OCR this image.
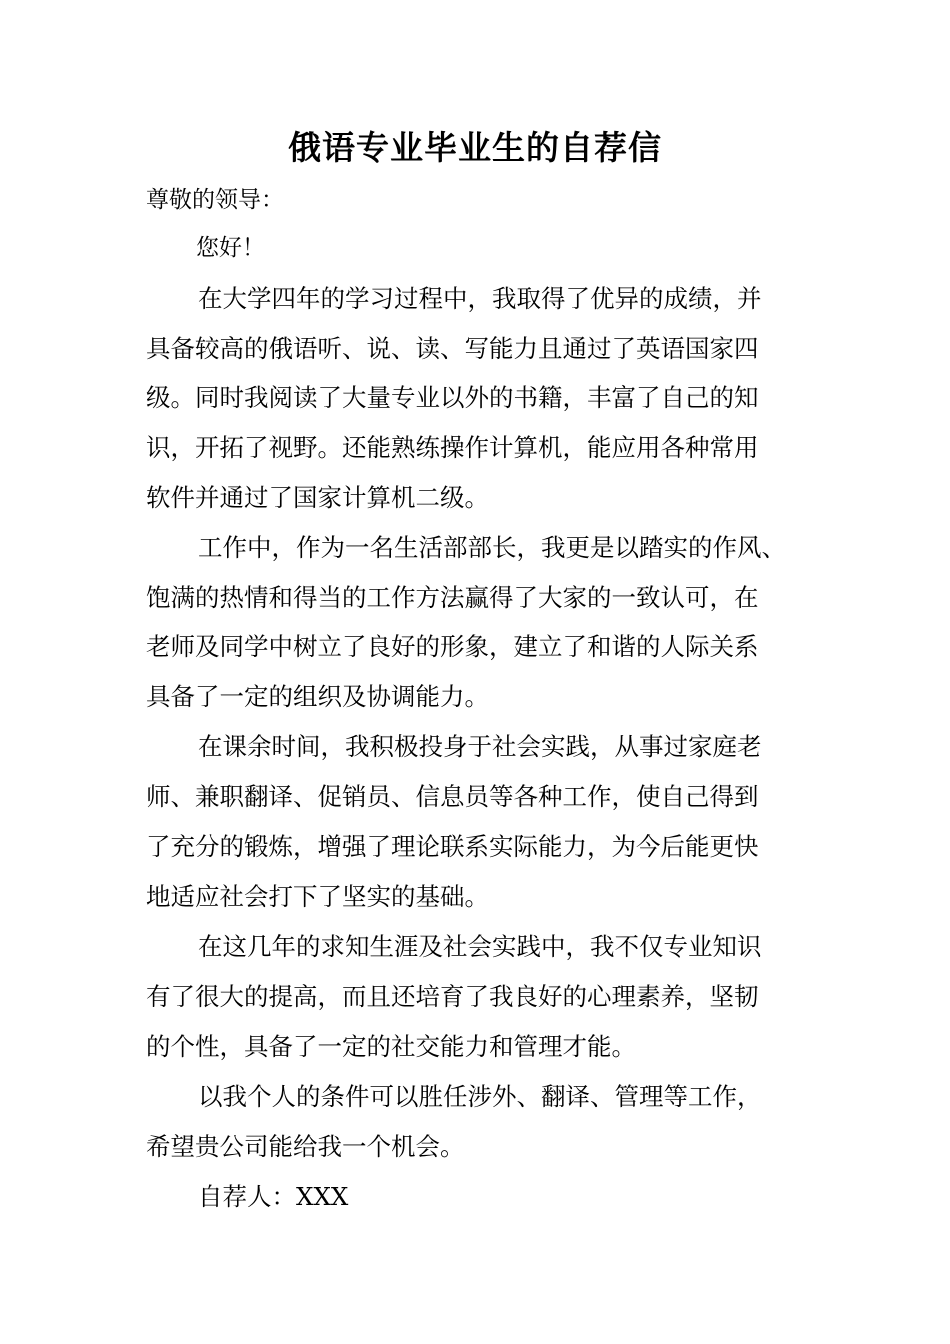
俄语专业毕业生的自荐信

尊敬的领导：

您好！

在大学四年的学习过程中，我取得了优异的成绩，并

具备较高的俄语听、说、读、写能力且通过了英语国家四

级。同时我阅读了大量专业以外的书籍，丰富了自己的知

识，开拓了视野。还能熟练操作计算机，能应用各种常用

软件并通过了国家计算机二级。

工作中，作为一名生活部部长，我更是以踏实的作风、

饱满的热情和得当的工作方法赢得了大家的一致认可，在

老师及同学中树立了良好的形象，建立了和谐的人际关系

具备了一定的组织及协调能力。

在课余时间，我积极投身于社会实践，从事过家庭老

师、兼职翻译、促销员、信息员等各种工作，使自己得到

了充分的锻炼，增强了理论联系实际能力，为今后能更快

地适应社会打下了坚实的基础。

在这几年的求知生涯及社会实践中，我不仅专业知识

有了很大的提高，而且还培育了我良好的心理素养，坚韧

的个性，具备了一定的社交能力和管理才能。

以我个人的条件可以胜任涉外、翻译、管理等工作，

希望贵公司能给我一个机会。

自荐人：XXX
